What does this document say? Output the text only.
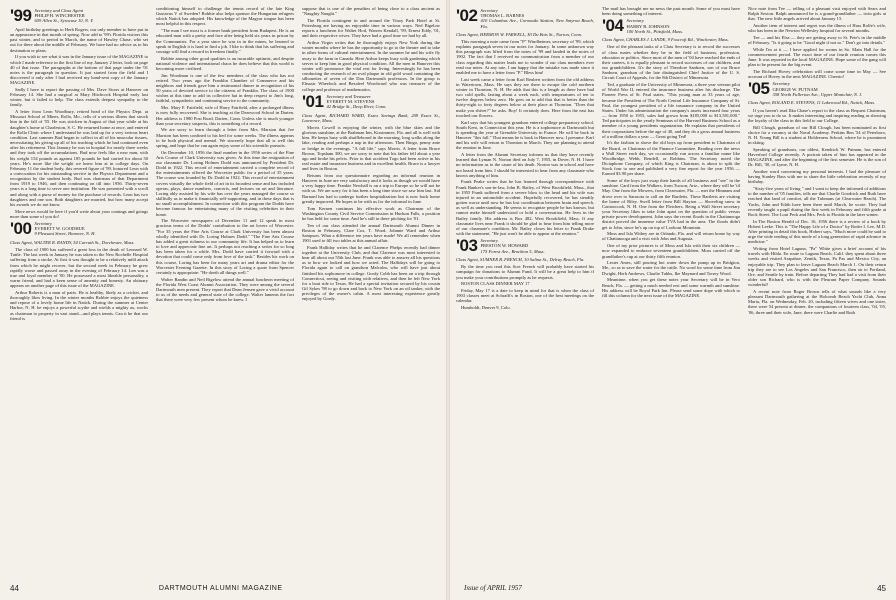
'99 Secretary and Class Agent
PHILIP H. WINCHESTER
659 Allen St., Syracuse 10, N. Y.

April birthday greetings to Herb Rogers, our only member to have put in an appearance in that month of spring. Now add to '99's Florida visitors this past winter, and to period in March, the name of Hawley Chase, who set out for there about the middle of February. We have had no advice as to his destination or plans.

If you wish to see what it was in the January issue of the MAGAZINE to which I made reference in the first line of my January 2 letter, look on page 40 of that issue. The paragraphs at the bottom of that page under the '01 notes is the paragraph in question. It just started from the field and I discovered it only after I had received my hand-sent copy of the January MAGAZINE.

Sadly I have to report the passing of Mrs. Dave Storrs at Hanover on February 14. She had a surgical at Mary Hitchcock Hospital early last winter, but it failed to help. The class extends deepest sympathy to the family.

A letter from Leon Woodbury, retired head of the Physics Dept. at Missouri School of Mines, Rolla, Mo., tells of a serious illness that struck him in the fall of '55. He was stricken in August of that year while at his daughter's home at Charleston, S. C. He returned home at once, and entered the Rolla Clinic where I understand he was laid up for a very serious heart condition. Last summer Bud began to collect in all of his muscular tissues, necessitating his giving up all of his teaching which he had continued even after his retirement. This January he was in hospital for nearly three weeks and they took off the accumulations. Bud now feels like a new man, with his weight 154 pounds as against 185 pounds he had carried for about 50 years. He's more like the weight we knew him at in college days. On February 11 the student body, this revered figure of '99, honored Leon with a convocation for his outstanding service in the Physics Department and a recognition by the student body. Bud was chairman of that Department from 1919 to 1946, and then continuing on till into 1956. Thirty-seven years is a long time to serve one institution. He was presented with a scroll and along with a purse of money for the purchase of records. Leon has two daughters and one son. Both daughters are married, but how many accept his awards we do not know.

More news would be here if you'd write about your comings and goings more than some of you do!

'00 Secretary
EVERETT W. GOODHUE
9 Pleasant Street, Hanover, N. H.
Class Agent, WALTER R. RANDY, 54 Carruth St., Dorchester, Mass.

The class of 1900 has suffered a great loss in the death of Leonard W. Tuttle. The last week in January he was taken to the New Rochelle Hospital suffering from a stroke. At first it was thought to be a relatively mild attack from which he might recover, but the second week in February he grew rapidly worse and passed away in the evening of February 14. Len was a true and loyal member of '00. He possessed a most likeable personality, a warm friend, and had a keen sense of amenity and honesty. An obituary appears on another page of this issue of the MAGAZINE.

Arthur Roberts is a man of parts. He is healthy, likely as a cricket, and thoroughly likes living. In the winter months Robbie enjoys the quietness and repose of a lovely home life in Natick. During the summer at Center Harbor, N. H. he enjoys a powerful scythe and wields a mighty ax, works as chairman to property in vast stand—and plays tennis. Can it be that our friend is

conditioning himself to challenge the tennis record of the late King Gustavus V of Sweden? Robbie also helps sponsor the Hungarian refugees which Natick has adopted. His knowledge of the Magyar tongue has been most helpful in this respect.

"The man I see most is a former bank president from Budapest. He is an educated man with a pretty and face after being held six years in prison by the Communists. For a year since he was in in the mines, he learned to speak in English it is hard to find a job. I like to think that his suffering and courage will find a reward in freedom finally."

Robbie among other good qualities is an incurable optimist, and despite national violence and international chaos he does believe that this world is becoming more civilized.

Jim Woodman is one of the few members of the class who has not retired. Two years ago the Franklin Chamber of Commerce and his neighbors and friends gave him a testimonial dinner in recognition of his 50 years of devoted service to the citizens of Franklin. The class of 1900 wishes at this time to add its collective hat in deep respect to Jim's long, faithful, sympathetic and continuing service to the community.

Mrs. Mary F. Fairfield, wife of Harry Fairfield, after a prolonged illness is now fully recovered. She is teaching at the Dearwood School in Darien. Her address is 1980 Post Road, Darien, Conn. Unless she is much younger than your secretary suspects, this is something of a record.

We are sorry to learn through a letter from Mrs. Marston that Joe Marston has been confined to his bed for some weeks. The illness appears to be both physical and mental. We sincerely hope that all is well this spring, and hope that he can again enjoy some of his scientific pursuits.

On December 10, 1956 the final number in the 1956 series of the Fine Arts Course of Clark University was given. At this time the resignation of our classmate Dr. Loring Holmes Dodd was announced by President Dr. Dodd in 1922. This record of entertainment carried a complete record of the entertainments offered the Worcester public for a period of 35 years. The course was founded by Dr. Dodd in 1922. This record of entertainment covers virtually the whole field of art in its broadest sense and has included operas, plays, dance numbers, concerts, and lectures on art and literature. Loring ably assisted by his wife has over the years managed the course so skillfully as to make it financially self-supporting, and in these days that is no small accomplishment. In connection with this program the Dodds have become famous for entertaining many of the visiting celebrities in their home.

The Worcester newspapers of December 11 and 12 speak in most gracious terms of the Dodds' contribution to the art lovers of Worcester. "For 35 years the Fine Arts Course at Clark University has been almost wholly identified with Dr. Loring Holmes Dodd." "The Fine Arts Course has added a great richness to our community life. It has helped us to learn to love and appreciate fine art. It perhaps not reaching a series for so long has been taken for a while. Mrs. Dodd have carried it forward with a devotion that could come only from love of the task." Besides his work on this course, Loring has been for many years art and drama editor for the Worcester Evening Gazette. In this story of Loring a quote from Spencer certainly is appropriate: "He doeth all things well."

Walter Randin and Ned Bigelow attend the annual luncheon meeting of the Florida West Coast Alumni Association. They were among the several Dartmouth men present. They report that Dean Jensen gave a vivid account to us of the needs and general state of the college. Walter laments the fact that there were very few present whom he knew. I

suppose that is one of the penalties of being close to a class ancient as "Naughty Naught."

The Florida contingent in and around the Vinoy Park Hotel at St. Petersburg are having an enjoyable time in various ways. Ned Bigelow reports a luncheon for Walter Hod, Warren Kendall, '99, Ernest Eddy, '01, and their respective wives. They have had a good time we had by all.

Arthur Virgin writes that he thoroughly enjoys New York during the winter months where he has the opportunity to go to the theatre and to take in other forms of cultural entertainment. In the summer he and his wife fly away to the farm in Canada. Here Arthur keeps busy with gardening which serves to keep him in good physical condition. All the men in Hanover this winter will pronounce the vital rest for living. Interestingly he has been conducting the research of an oval plaque in old gold wood containing the silhouettes of seven of the Dan Dartmouth professors. In the group is Eleazar Wheelock and Bezaleel Woodward who was treasurer of the college and professor of mathematics.

'01 Secretary and Treasurer
EVERETT M. STEVENS
42 Bridge St., Deep River, Conn.
Class Agent, RICHARD WARD, Essex Savings Bank, 209 Essex St., Lawrence, Mass.

Morris Cowell is enjoying the winter, with the blue skies and the glorious sunshine, at the Brabman Inn, Kissimmee, Fla. and all is well with him. He keeps busy with shuffleboard in the morning, long walks along the lake, reading and perhaps a nap in the afternoon. Then Bingo, penny ante or bridge in the evenings. "A full life," says Morris. A letter from Bruce Brown, Topsham 300, we are sorry to note that his father fell about a year ago and broke his pelvis. Prior to that accident Togo had been active in his real estate and insurance business and in excellent health. Bruce is a lawyer and lives in Boston.

Returns from our questionnaire regarding an informal reunion in Hanover in June are very satisfactory and it looks as though we would have a very happy time. Frankie Newhall is on a trip to Europe so he will not be with us. We are sorry for it has been a long time since we saw him last. Sid Barnard has had to undergo further hospitalization but is now back home greatly improved. He hopes to be with us for the informal in June.

Tom Kernen continues his effective work as Chairman of the Washington County Civil Service Commission in Hudson Falls, a position he has held for some time. And he's still in there pitching for '01.

Ten of our class attended the annual Dartmouth Alumni Dinner in Boston in February, Clare Cox, T. Wood, Johnnie Ward and Arthur Sampson. What a difference ten years have made! We all remember when 1901 used to fill two tables at this annual affair.

Frank Halliday writes that he and Clarence Phelps recently had dinner together at the University Club, and that Clarence was most interested to hear all about our 55th last June. Frank was able to answer all his questions as to how we looked and how we acted. The Hallidays will be going to Florida again to call on grandson Malcolm, who will have just about finished his sophomore in college. Gordy Cobb has been on a trip through Connecticut, seeing and visiting with relatives, and then he left New York for a boat ride to Texas. He had a special invitation secured by his cousin Gil Sykes '98 to go down and back to New York on an oil tanker, with the privileges of the owner's cabin. A most interesting experience greatly enjoyed by Gordy.

44	DARTMOUTH ALUMNI MAGAZINE
'02 Secretary
THOMAS L. BARNES
410 Columbus Ave., Coronado Station, New Smyrna Beach, Fla.
Class Agent, HERMON W. FARWELL, $3 Du Bois St., Norton, Conn.

This morning a note came from "P" Windheimer, secretary of '99, which explains paragraph seven in our notes for January. In some unknown way this paragraph was lifted from the notes of '99 and landed in the notes of 1902. The fact that I received no communication from a member of our class regarding this matter leads me to wonder if our class members ever read our notes. At any rate, I am happy that the mistake was made since it enabled me to have a letter from "P." Bless him!

Last week came a letter from Karl Reubert written from the old address in Watertown, Mass. He says they are there to escape the cold northern winter in Thornton, N. H. He adds that this is a length as there have had two cold spells, lasting about a week each, with temperatures of ten to twelve degrees below zero. He goes on to add that that is better than the thirty-eight to forty degrees below at their place at Thornton. "Does that make you shiver?" he asks. Boy! It certainly does. Here from the east has touched our flowers.

Karl says that his youngest grandson entered college preparatory school, South Kent, in Connecticut this year. He is a sophomore at Dartmouth but is spending the year at Grenoble University in France. He will be back in Hanover "this fall." That means he is back in Hanover now, I presume. Karl and his wife will return to Thornton in March. They are planning to attend the reunion in June.

A letter from the Alumni Secretary informs us that they have recently learned that Lyman N. Norton died on July 7, 1955, in Dover, N. H. I have no information as to the cause of his death. Norton was in school and have not heard from him. I should be interested to hear from any classmate who knows anything of him.

Frank Peake writes that he has learned through correspondence with Frank Banker's son-in-law, John B. Bailey, of West Brookfield, Mass., that in 1955 Frank suffered from a severe blow to the head and his wife was injured in an automobile accident. Hopefully recovered, he has steadily gotten worse until now he has lost coordination between brain and speech, as well as understanding. He seems to recognize people he has known, but cannot make himself understood or hold a conversation. He lives in the Bailey family. His address is Box 482, West Brookfield, Mass. If any classmate lives near Frank it should be glad to hear from him telling more of our classmate's condition. Mr. Bailey closes his letter to Frank Drake with the statement, "He just won't be able to appear at the reunion."

'03 Secretary
PRESTON W. HOWARD
175 Forest Ave., Brockton 5, Mass.
Class Agent, SUMNER B. FRENCH, 10 Salina St., Delray Beach, Fla.

By the time you read this Scot French will probably have started his campaign for donations to Alumni Fund. It will be a great help to him if you make your contributions promptly as he requests.

BOSTON CLASS DINNER MAY 17

Friday, May 17 is a date to keep in mind for that is when the class of 1903 classes meet at Schrafft's in Boston, one of the best meetings on the calendar.

Humboldt, Denver 9, Colo.

The mail has brought me no news the past month. Some of you must have been doing something of interest.

'04 Secretary
HARRY B. JOHNSON
100 North St., Pittsfield, Mass.
Class Agent, CHARLES J. LANDE, 9 Foxcroft Rd., Winchester, Mass.

One of the pleasant tasks of a Class Secretary is to record the successes of class mates whether they be in the field of business, profession, education or politics. Since most of the men of '04 have reached the ends of their careers, it is equally pleasant to record successes of our children, and our grandchildren. It's the story of Theodore Sanborn, son of our Bruce Sanborn, grandson of the late distinguished Chief Justice of the U. S. Circuit Court of Appeals, for the 8th District of Minnesota.

Ted, a graduate of the University of Minnesota, a three year veteran pilot of World War II, entered the insurance business after his discharge. The Pioneer Press of St. Paul states, "This young man at 33 years of age, became the President of The North Central Life Insurance Company of St. Paul, the youngest president of a life insurance company in the United States. Under his administration the company's assets increased four years — from 1950 to 1955, sales had grown from $185,000 to $13,581,000." Ted participates in the yearly Seminars of the Harvard Business School as a member of a young presidents organization. He explains that presidents of their corporations before the age of 40, and they do a gross annual business of a million dollars a year — Great going Ted!

It's the fashion to shove the old boys up from president to Chairman of the Board, or Chairman of the Finance Committee. Reading over the news a Wall Street each day, we occasionally run across a familiar name like Woodbridge, Webb, Rendell, or Robbins. The Secretary noted the Dictaphone Company, of which King is Chairman, is about to split the Stock four to one and published a very fine report for the year 1956 — Earned $3.90 per share.

Some of the boys just swap their hands of all business and "see" in the sunshine. Card from the Walkers, from Tucson, Ariz., where they will be 'til May. One from the Mowers, from Clearwater, Fla. — met the Hinmans and drove over to Sarasota to call on the Bartletts. These Bartletts are visiting the home of Riley. Swell letter from Bill Slayton — Shoveling snow in Contoocook, N. H. One from the Fletchers. Being a Wall Street secretary your Secretary likes to take John apart on the question of public versus private power development. John says the recent floods in the Chattanooga district proved the immense value TVA had in the area. The floods didn't get to John, since he's up on top of Lookout Mountain.

Moss and Isla Withey are in Orlando, Fla. and will return home by way of Chattanooga and a visit with John and Augusta.

One of my prior pictures is of Moss and Isla with their six children — now expanded to embrace seventeen grandchildren. Moss carried off the grandfather's cup at our thirty fifth reunion.

Lester Ames, still pouring hot water down the pump up in Bridgton, Me., so as to save the water for the cattle. No word for some time from Jim Dwight, Herb Andrews, Charlie Tubbs, Ike Maynard and Torrey Wood.

Meantime, when you get these notes your Secretary will be in Vero Beach, Fla. — getting a much needed rest and some warmth and sunshine. His address will be Royal Park Inn. Please send some dope with which to fill this column for the next issue of the MAGAZINE.

Nice note from Tee — telling of a pleasant visit enjoyed with Sears and Ralph Sexton. Ralph announced he is a grand-grandfather — twin girls at that. The new little angels arrived about January 15.

Another item of interest and regret was the illness of Hass Rolfe's wife, who has been in the Newton Wellesley hospital for several months.

Tee — and his Elsa — they are getting away to St. Pete's in the middle of February. "Is it going to be "Good night if not so." Don't go into details."

While I'm at it — I have applied for rooms in So. Main Hall for the commencement period. The exact time of our fourth reunion comes this June. It was reported in the local MAGAZINE. Hope some of the gang will plan to be present for the big event.

The Richard Hovey celebration will come some time in May — See account of Hovey in the next MAGAZINE. Cheerio!

'05 Secretary
GEORGE W. PUTNAM
358 North Fullerton Ave., Upper Montclair, N. J.
Class Agent, ROLAND E. STEVENS, 11 Lakewood Rd., Natick, Mass.

If you haven't read Ilka Chase's report to the class as Bequest Chairman, we urge you to do so. It makes interesting and inspiring reading as showing the loyalty of the class in this field to our College.

Bill Clough, grandson of our Bill Clough, has been nominated as first choice for a vacancy at the Naval Academy. Perkins Ben '54 of Peterboro, N. H. Young Bill is a student at Holderness School, where he is prominent in skiing.

Speaking of grandsons, our oldest, Kendrick W. Putnam, has entered Haverford College recently. A portrait taken of him has appeared in the MAGAZINE, and after the beginning of the first semester. He is the son of Dr. Bill, '30, of Lyme, N. H.

Another word concerning my personal interests. I had the pleasure of having Stanley Bass with me to share the little celebration recently of my birthday.

"Sixty-five years of living " and I want to keep the informed of additions to the number of '05 families, tells me that Charlie Goodrich and Ruth have reached that land of comfort, all the Tubmans (at Clearwater Beach). The Yacks, John and Edith have been there until March, he wrote. They had recently taught a pupil during the first week in February and fifth grade at Rock Street. The Loui Peck and Mrs. Peck to Florida in the later winter.

In The Boston Herald of Dec. 16, 1956 there is a review of a book by Hobert Leeke. This is "The Happy Life of a Doctor" by Roder I. Lee, M.D. After printing in detail this book, Hobert says, "Much more could be said to urge the wide reading of this mode of a long generation of rapid advance in medicine."

Writing from Hotel Laguna, "Pa" White gives a brief account of his travels with Hilda. En route to Laguna Beach, Calif. they spent about three weeks and visited Arapahoe, Zenith, Texas, Pa Pas and Mexico City, an enjoyable trip. They plan to leave Laguna Beach March 1. On their return trip they are to see Los Angeles and San Francisco, then on to Portland, Ore. and Seattle by train. Before departing They had had a visit from their older son Richard, who is with the Fleurant Paper Company. Sounds wonderful!

A recent note from Roger Brown tells of what sounds like a very pleasant Dartmouth gathering at the Holcomb Beach Yacht Club, Anna Maria, Fla. on Wednesday, Feb. 20, including fifteen wives and one sister, there were 54 present at dinner, the companions of fourteen class, '04, '05, '06, three and their wife, Jane, there were Charlie and Ruth

Issue of APRIL 1957	45
